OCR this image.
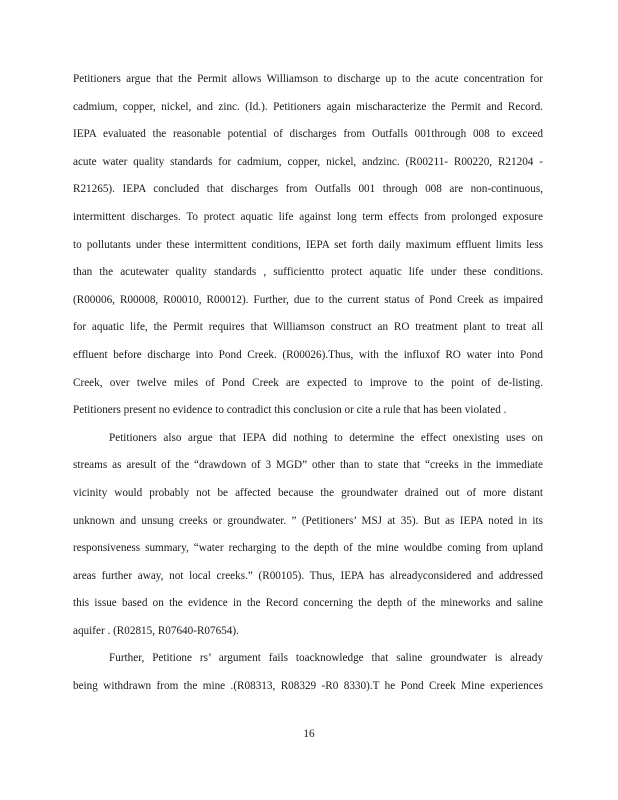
Petitioners argue that the Permit allows Williamson to discharge up to the acute concentration for
cadmium, copper, nickel, and zinc. (Id.). Petitioners again mischaracterize the Permit and Record.
IEPA evaluated the reasonable potential of discharges from Outfalls 001through 008 to exceed
acute water quality standards for cadmium, copper, nickel, andzinc. (R00211- R00220, R21204 -
R21265). IEPA concluded that discharges from Outfalls 001 through 008 are non-continuous,
intermittent discharges. To protect aquatic life against long term effects from prolonged exposure
to pollutants under these intermittent conditions, IEPA set forth daily maximum effluent limits less
than the acutewater quality standards , sufficientto protect aquatic life under these conditions.
(R00006, R00008, R00010, R00012). Further, due to the current status of Pond Creek as impaired
for aquatic life, the Permit requires that Williamson construct an RO treatment plant to treat all
effluent before discharge into Pond Creek. (R00026).Thus, with the influxof RO water into Pond
Creek, over twelve miles of Pond Creek are expected to improve to the point of de-listing.
Petitioners present no evidence to contradict this conclusion or cite a rule that has been violated .
Petitioners also argue that IEPA did nothing to determine the effect onexisting uses on
streams as aresult of the “drawdown of 3 MGD” other than to state that “creeks in the immediate
vicinity would probably not be affected because the groundwater drained out of more distant
unknown and unsung creeks or groundwater. ” (Petitioners’ MSJ at 35). But as IEPA noted in its
responsiveness summary, “water recharging to the depth of the mine wouldbe coming from upland
areas further away, not local creeks.” (R00105). Thus, IEPA has alreadyconsidered and addressed
this issue based on the evidence in the Record concerning the depth of the mineworks and saline
aquifer . (R02815, R07640-R07654).
Further, Petitione rs’ argument fails toacknowledge that saline groundwater is already
being withdrawn from the mine .(R08313, R08329 -R0 8330).T he Pond Creek Mine experiences
16
